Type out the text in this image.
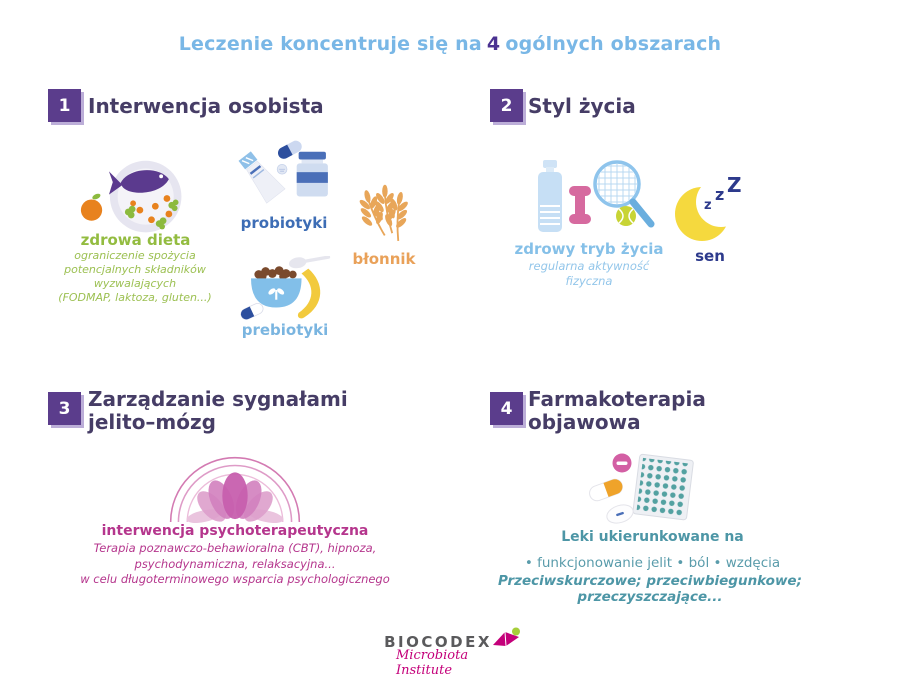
Leczenie koncentruje się na 4 ogólnych obszarach
1 Interwencja osobista	2 Styl życia
3 Zarządzanie sygnałami
jelito–mózg
4 Farmakoterapia
objawowa
zdrowa dieta
ograniczenie spożycia
potencjalnych składników
wyzwalających
(FODMAP, laktoza, gluten...)
probiotyki
błonnik
prebiotyki
zdrowy tryb życia
regularna aktywność
fizyczna
z
z Z
sen
interwencja psychoterapeutyczna
Terapia poznawczo-behawioralna (CBT), hipnoza,
psychodynamiczna, relaksacyjna...
w celu długoterminowego wsparcia psychologicznego
Leki ukierunkowane na
• funkcjonowanie jelit • ból • wzdęcia
Przeciwskurczowe; przeciwbiegunkowe; przeczyszczające...
BIOCODEX
Microbiota Institute
